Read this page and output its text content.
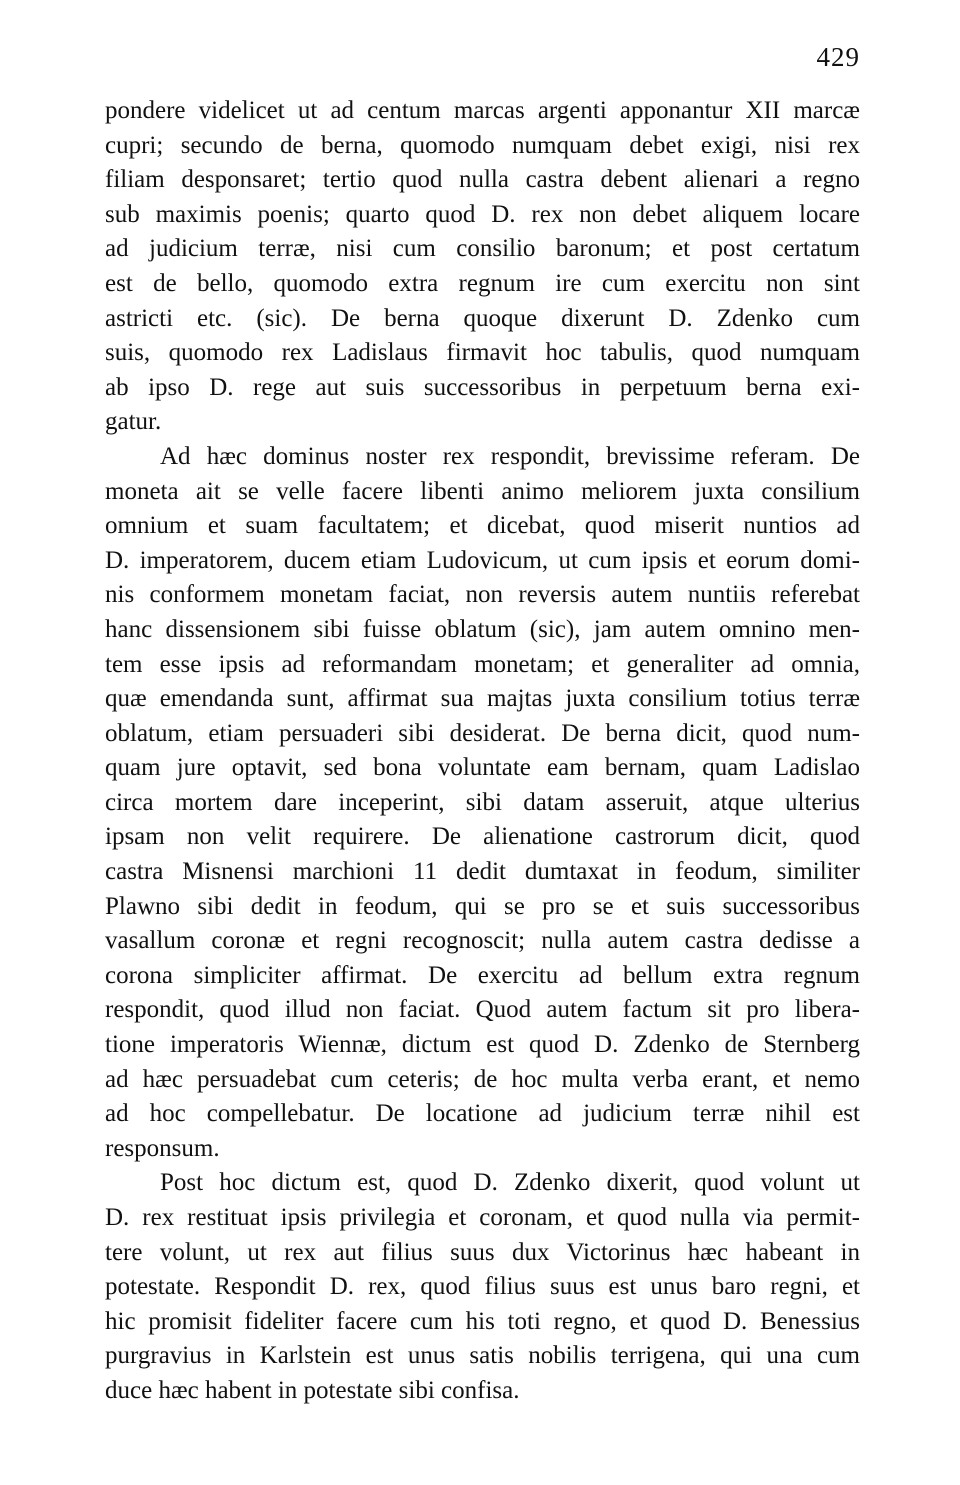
429
pondere videlicet ut ad centum marcas argenti apponantur XII marcæ
cupri; secundo de berna, quomodo numquam debet exigi, nisi rex
filiam desponsaret; tertio quod nulla castra debent alienari a regno
sub maximis poenis; quarto quod D. rex non debet aliquem locare
ad judicium terræ, nisi cum consilio baronum; et post certatum
est de bello, quomodo extra regnum ire cum exercitu non sint
astricti etc. (sic). De berna quoque dixerunt D. Zdenko cum
suis, quomodo rex Ladislaus firmavit hoc tabulis, quod numquam
ab ipso D. rege aut suis successoribus in perpetuum berna exi-
gatur.
Ad hæc dominus noster rex respondit, brevissime referam. De
moneta ait se velle facere libenti animo meliorem juxta consilium
omnium et suam facultatem; et dicebat, quod miserit nuntios ad
D. imperatorem, ducem etiam Ludovicum, ut cum ipsis et eorum domi-
nis conformem monetam faciat, non reversis autem nuntiis referebat
hanc dissensionem sibi fuisse oblatum (sic), jam autem omnino men-
tem esse ipsis ad reformandam monetam; et generaliter ad omnia,
quæ emendanda sunt, affirmat sua majtas juxta consilium totius terræ
oblatum, etiam persuaderi sibi desiderat. De berna dicit, quod num-
quam jure optavit, sed bona voluntate eam bernam, quam Ladislao
circa mortem dare inceperint, sibi datam asseruit, atque ulterius
ipsam non velit requirere. De alienatione castrorum dicit, quod
castra Misnensi marchioni 11 dedit dumtaxat in feodum, similiter
Plawno sibi dedit in feodum, qui se pro se et suis successoribus
vasallum coronæ et regni recognoscit; nulla autem castra dedisse a
corona simpliciter affirmat. De exercitu ad bellum extra regnum
respondit, quod illud non faciat. Quod autem factum sit pro libera-
tione imperatoris Wiennæ, dictum est quod D. Zdenko de Sternberg
ad hæc persuadebat cum ceteris; de hoc multa verba erant, et nemo
ad hoc compellebatur. De locatione ad judicium terræ nihil est
responsum.
Post hoc dictum est, quod D. Zdenko dixerit, quod volunt ut
D. rex restituat ipsis privilegia et coronam, et quod nulla via permit-
tere volunt, ut rex aut filius suus dux Victorinus hæc habeant in
potestate. Respondit D. rex, quod filius suus est unus baro regni, et
hic promisit fideliter facere cum his toti regno, et quod D. Benessius
purgravius in Karlstein est unus satis nobilis terrigena, qui una cum
duce hæc habent in potestate sibi confisa.
